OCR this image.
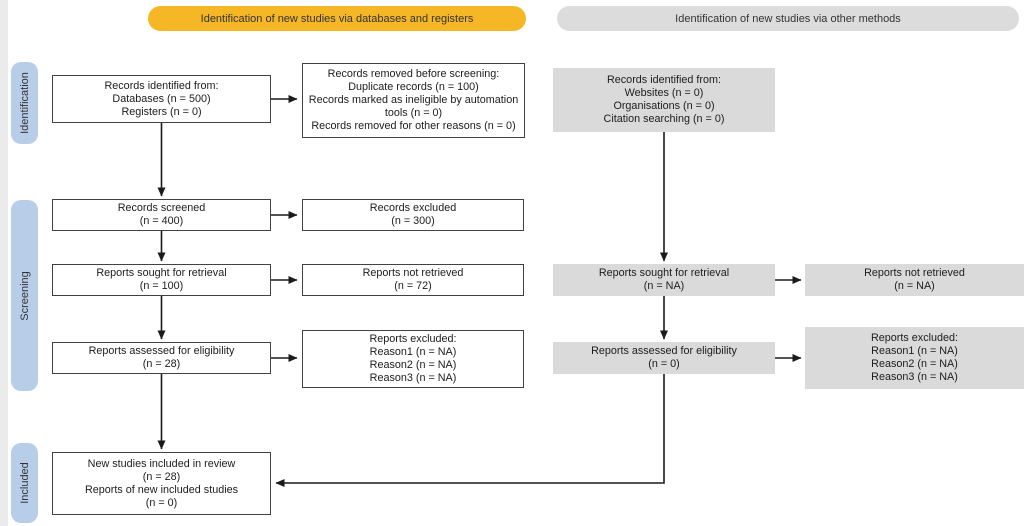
Identification of new studies via databases and registers	Identification of new studies via other methods
Identification
Screening
Included
Records identified from:
Databases (n = 500)
Registers (n = 0)
Records removed before screening:
Duplicate records (n = 100)
Records marked as ineligible by automation tools (n = 0)
Records removed for other reasons (n = 0)
Records screened
(n = 400)
Records excluded
(n = 300)
Reports sought for retrieval
(n = 100)
Reports not retrieved
(n = 72)
Reports assessed for eligibility
(n = 28)
Reports excluded:
Reason1 (n = NA)
Reason2 (n = NA)
Reason3 (n = NA)
New studies included in review
(n = 28)
Reports of new included studies
(n = 0)
Records identified from:
Websites (n = 0)
Organisations (n = 0)
Citation searching (n = 0)
Reports sought for retrieval
(n = NA)
Reports not retrieved
(n = NA)
Reports assessed for eligibility
(n = 0)
Reports excluded:
Reason1 (n = NA)
Reason2 (n = NA)
Reason3 (n = NA)
